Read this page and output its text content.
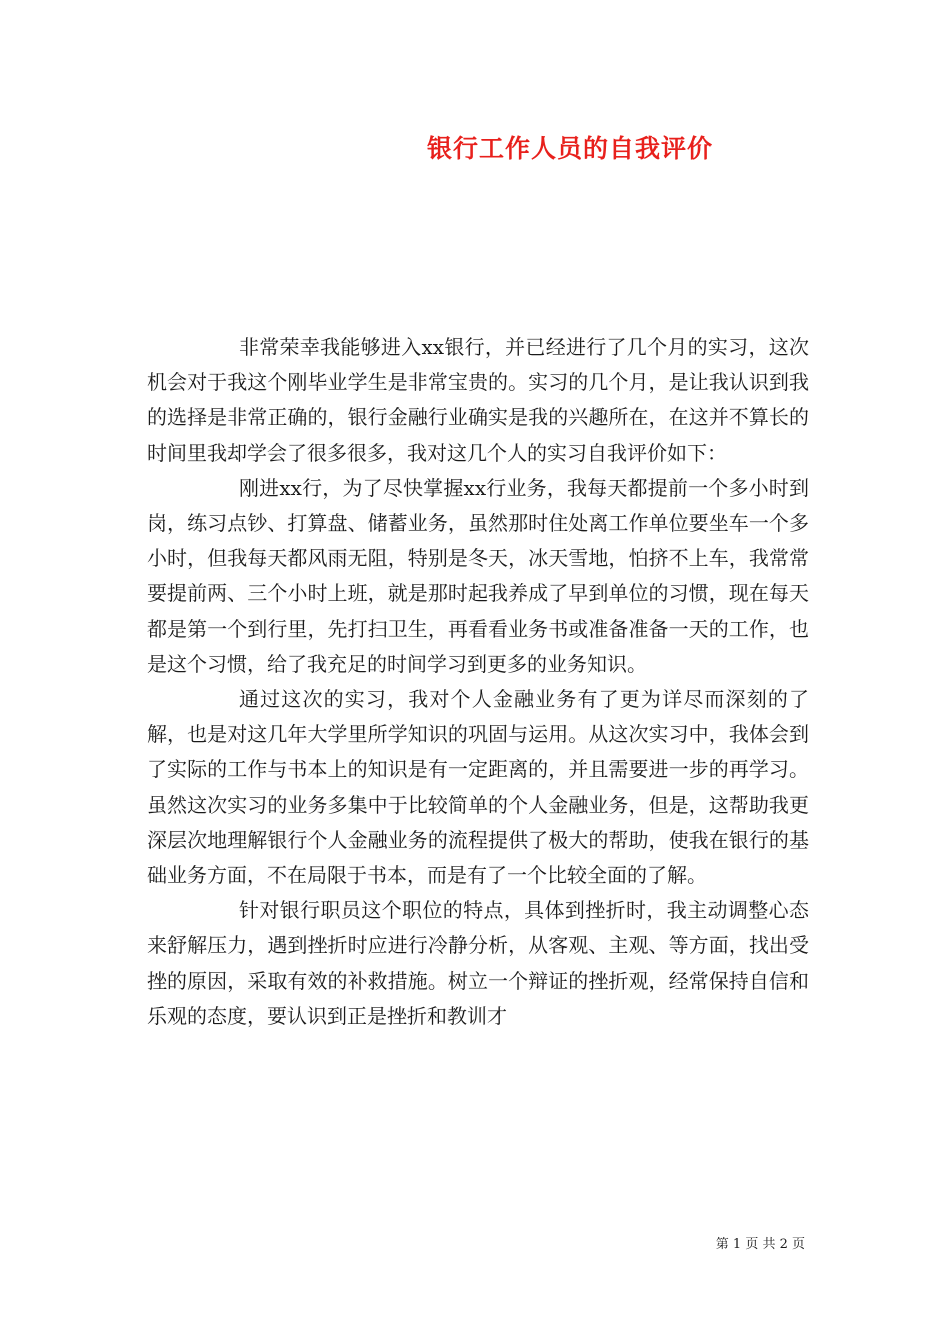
银行工作人员的自我评价

非常荣幸我能够进入xx银行，并已经进行了几个月的实习，这次机会对于我这个刚毕业学生是非常宝贵的。实习的几个月，是让我认识到我的选择是非常正确的，银行金融行业确实是我的兴趣所在，在这并不算长的时间里我却学会了很多很多，我对这几个人的实习自我评价如下：

刚进xx行，为了尽快掌握xx行业务，我每天都提前一个多小时到岗，练习点钞、打算盘、储蓄业务，虽然那时住处离工作单位要坐车一个多小时，但我每天都风雨无阻，特别是冬天，冰天雪地，怕挤不上车，我常常要提前两、三个小时上班，就是那时起我养成了早到单位的习惯，现在每天都是第一个到行里，先打扫卫生，再看看业务书或准备准备一天的工作，也是这个习惯，给了我充足的时间学习到更多的业务知识。

通过这次的实习，我对个人金融业务有了更为详尽而深刻的了解，也是对这几年大学里所学知识的巩固与运用。从这次实习中，我体会到了实际的工作与书本上的知识是有一定距离的，并且需要进一步的再学习。虽然这次实习的业务多集中于比较简单的个人金融业务，但是，这帮助我更深层次地理解银行个人金融业务的流程提供了极大的帮助，使我在银行的基础业务方面，不在局限于书本，而是有了一个比较全面的了解。

针对银行职员这个职位的特点，具体到挫折时，我主动调整心态来舒解压力，遇到挫折时应进行冷静分析，从客观、主观、等方面，找出受挫的原因，采取有效的补救措施。树立一个辩证的挫折观，经常保持自信和乐观的态度，要认识到正是挫折和教训才

第 1 页 共 2 页
